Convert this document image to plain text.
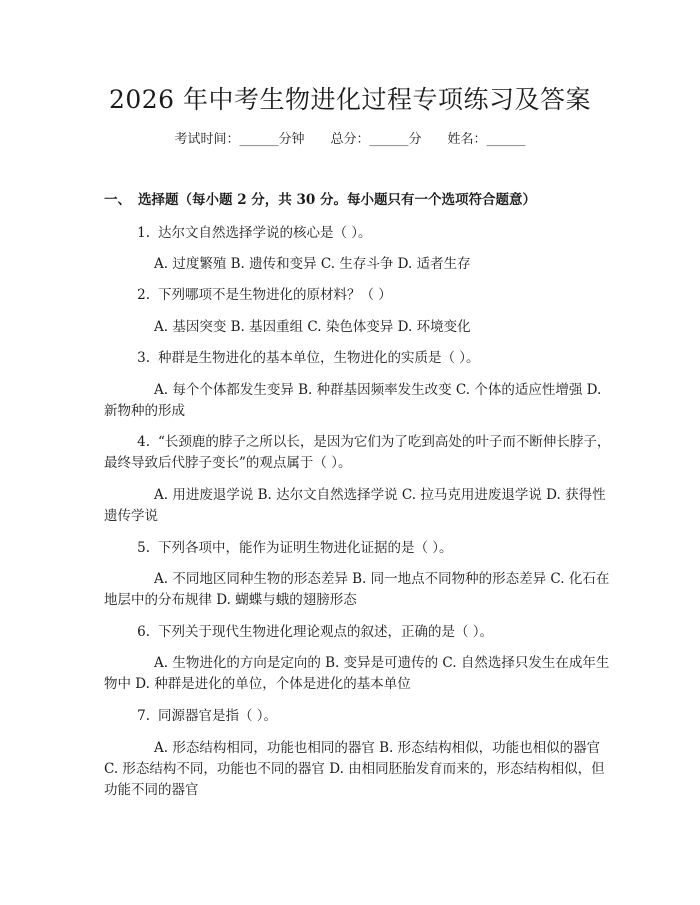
2026 年中考生物进化过程专项练习及答案
考试时间：______分钟 总分：______分 姓名：______
一、 选择题（每小题 2 分，共 30 分。每小题只有一个选项符合题意）
1. 达尔文自然选择学说的核心是（ ）。
A. 过度繁殖 B. 遗传和变异 C. 生存斗争 D. 适者生存
2. 下列哪项不是生物进化的原材料？（ ）
A. 基因突变 B. 基因重组 C. 染色体变异 D. 环境变化
3. 种群是生物进化的基本单位，生物进化的实质是（ ）。
A. 每个个体都发生变异 B. 种群基因频率发生改变 C. 个体的适应性增强 D. 新物种的形成
4. “长颈鹿的脖子之所以长，是因为它们为了吃到高处的叶子而不断伸长脖子，最终导致后代脖子变长”的观点属于（ ）。
A. 用进废退学说 B. 达尔文自然选择学说 C. 拉马克用进废退学说 D. 获得性遗传学说
5. 下列各项中，能作为证明生物进化证据的是（ ）。
A. 不同地区同种生物的形态差异 B. 同一地点不同物种的形态差异 C. 化石在地层中的分布规律 D. 蝴蝶与蛾的翅膀形态
6. 下列关于现代生物进化理论观点的叙述，正确的是（ ）。
A. 生物进化的方向是定向的 B. 变异是可遗传的 C. 自然选择只发生在成年生物中 D. 种群是进化的单位，个体是进化的基本单位
7. 同源器官是指（ ）。
A. 形态结构相同，功能也相同的器官 B. 形态结构相似，功能也相似的器官 C. 形态结构不同，功能也不同的器官 D. 由相同胚胎发育而来的，形态结构相似，但功能不同的器官
